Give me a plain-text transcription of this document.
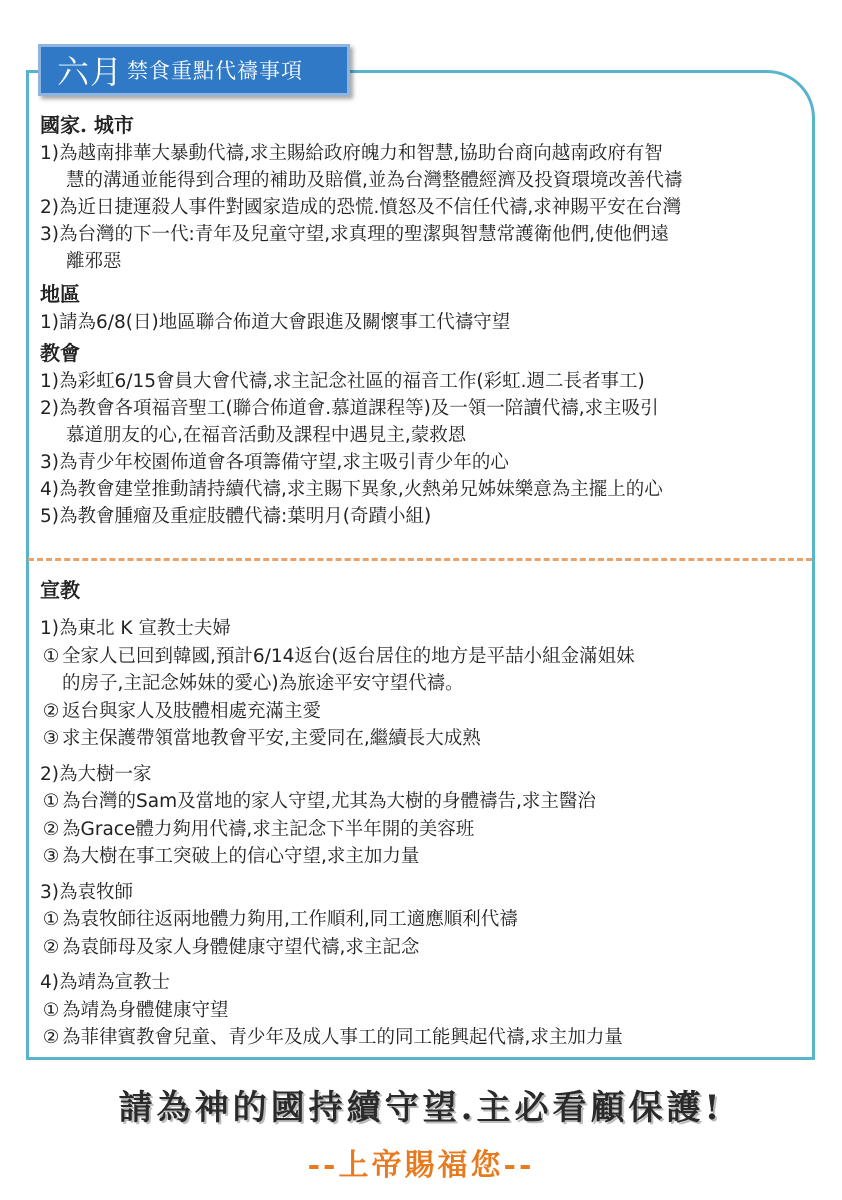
六月 禁食重點代禱事項
國家. 城市
1)為越南排華大暴動代禱,求主賜給政府魄力和智慧,協助台商向越南政府有智
慧的溝通並能得到合理的補助及賠償,並為台灣整體經濟及投資環境改善代禱
2)為近日捷運殺人事件對國家造成的恐慌.憤怒及不信任代禱,求神賜平安在台灣
3)為台灣的下一代:青年及兒童守望,求真理的聖潔與智慧常護衛他們,使他們遠
離邪惡
地區
1)請為6/8(日)地區聯合佈道大會跟進及關懷事工代禱守望
教會
1)為彩虹6/15會員大會代禱,求主記念社區的福音工作(彩虹.週二長者事工)
2)為教會各項福音聖工(聯合佈道會.慕道課程等)及一領一陪讀代禱,求主吸引
慕道朋友的心,在福音活動及課程中遇見主,蒙救恩
3)為青少年校園佈道會各項籌備守望,求主吸引青少年的心
4)為教會建堂推動請持續代禱,求主賜下異象,火熱弟兄姊妹樂意為主擺上的心
5)為教會腫瘤及重症肢體代禱:葉明月(奇蹟小組)
宣教
1)為東北 K 宣教士夫婦
① 全家人已回到韓國,預計6/14返台(返台居住的地方是平喆小組金滿姐妹
的房子,主記念姊妹的愛心)為旅途平安守望代禱。
② 返台與家人及肢體相處充滿主愛
③ 求主保護帶領當地教會平安,主愛同在,繼續長大成熟
2)為大樹一家
① 為台灣的Sam及當地的家人守望,尤其為大樹的身體禱告,求主醫治
② 為Grace體力夠用代禱,求主記念下半年開的美容班
③ 為大樹在事工突破上的信心守望,求主加力量
3)為袁牧師
① 為袁牧師往返兩地體力夠用,工作順利,同工適應順利代禱
② 為袁師母及家人身體健康守望代禱,求主記念
4)為靖為宣教士
① 為靖為身體健康守望
② 為菲律賓教會兒童、青少年及成人事工的同工能興起代禱,求主加力量
請為神的國持續守望.主必看顧保護!
--上帝賜福您--
